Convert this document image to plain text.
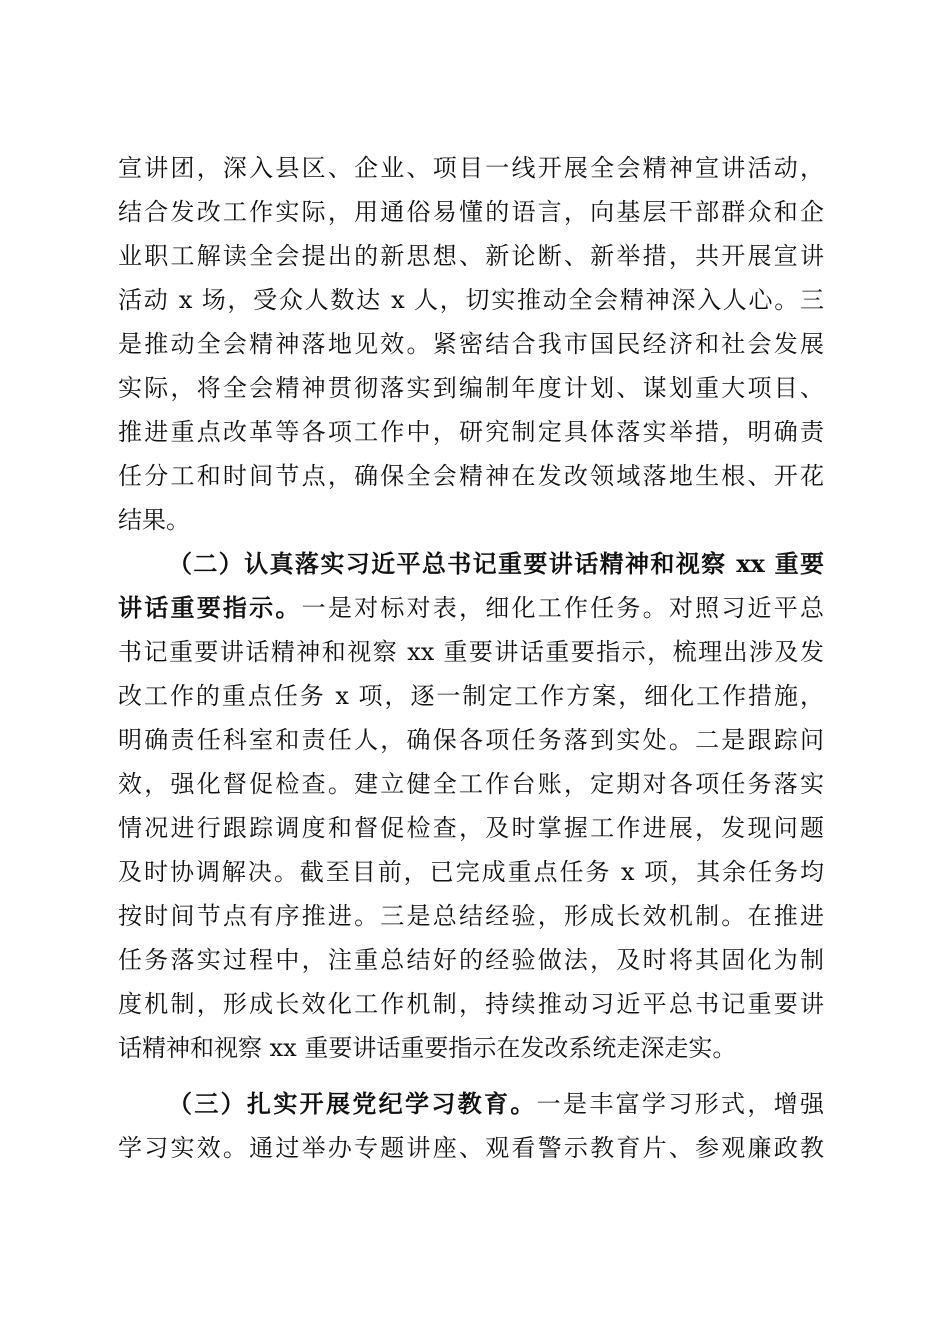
宣讲团，深入县区、企业、项目一线开展全会精神宣讲活动，
结合发改工作实际，用通俗易懂的语言，向基层干部群众和企
业职工解读全会提出的新思想、新论断、新举措，共开展宣讲
活动 x 场，受众人数达 x 人，切实推动全会精神深入人心。三
是推动全会精神落地见效。紧密结合我市国民经济和社会发展
实际，将全会精神贯彻落实到编制年度计划、谋划重大项目、
推进重点改革等各项工作中，研究制定具体落实举措，明确责
任分工和时间节点，确保全会精神在发改领域落地生根、开花
结果。
（二）认真落实习近平总书记重要讲话精神和视察 xx 重要
讲话重要指示。一是对标对表，细化工作任务。对照习近平总
书记重要讲话精神和视察 xx 重要讲话重要指示，梳理出涉及发
改工作的重点任务 x 项，逐一制定工作方案，细化工作措施，
明确责任科室和责任人，确保各项任务落到实处。二是跟踪问
效，强化督促检查。建立健全工作台账，定期对各项任务落实
情况进行跟踪调度和督促检查，及时掌握工作进展，发现问题
及时协调解决。截至目前，已完成重点任务 x 项，其余任务均
按时间节点有序推进。三是总结经验，形成长效机制。在推进
任务落实过程中，注重总结好的经验做法，及时将其固化为制
度机制，形成长效化工作机制，持续推动习近平总书记重要讲
话精神和视察 xx 重要讲话重要指示在发改系统走深走实。
（三）扎实开展党纪学习教育。一是丰富学习形式，增强
学习实效。通过举办专题讲座、观看警示教育片、参观廉政教
